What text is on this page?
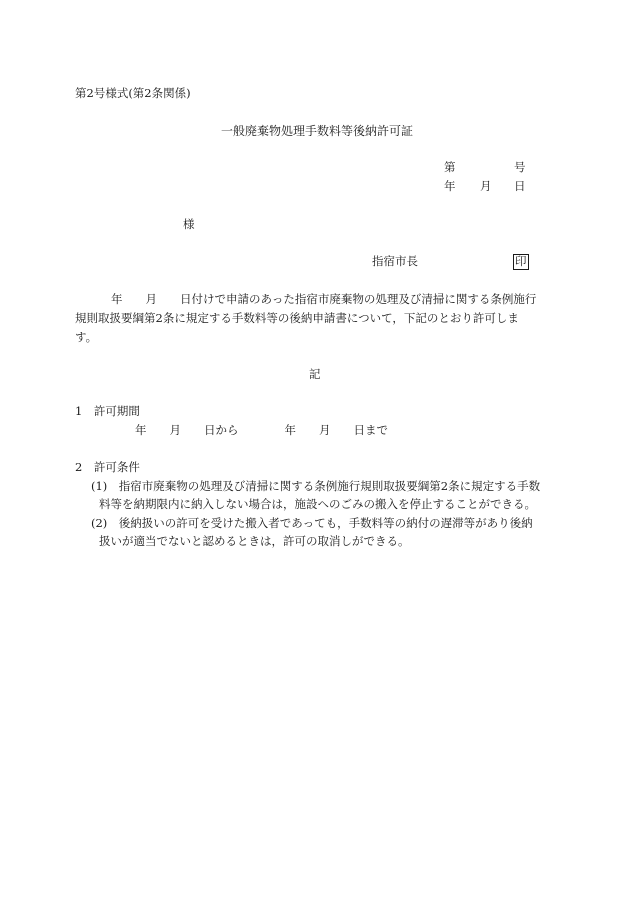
第2号様式(第2条関係)
一般廃棄物処理手数料等後納許可証
第	号
年 月 日
様
指宿市長	印
年　　月　　日付けで申請のあった指宿市廃棄物の処理及び清掃に関する条例施行
規則取扱要綱第2条に規定する手数料等の後納申請書について，下記のとおり許可しま
す。
記
1　許可期間
年　　月　　日から　　　　年　　月　　日まで
2　許可条件
(1)　指宿市廃棄物の処理及び清掃に関する条例施行規則取扱要綱第2条に規定する手数
料等を納期限内に納入しない場合は，施設へのごみの搬入を停止することができる。
(2)　後納扱いの許可を受けた搬入者であっても，手数料等の納付の遅滞等があり後納
扱いが適当でないと認めるときは，許可の取消しができる。
